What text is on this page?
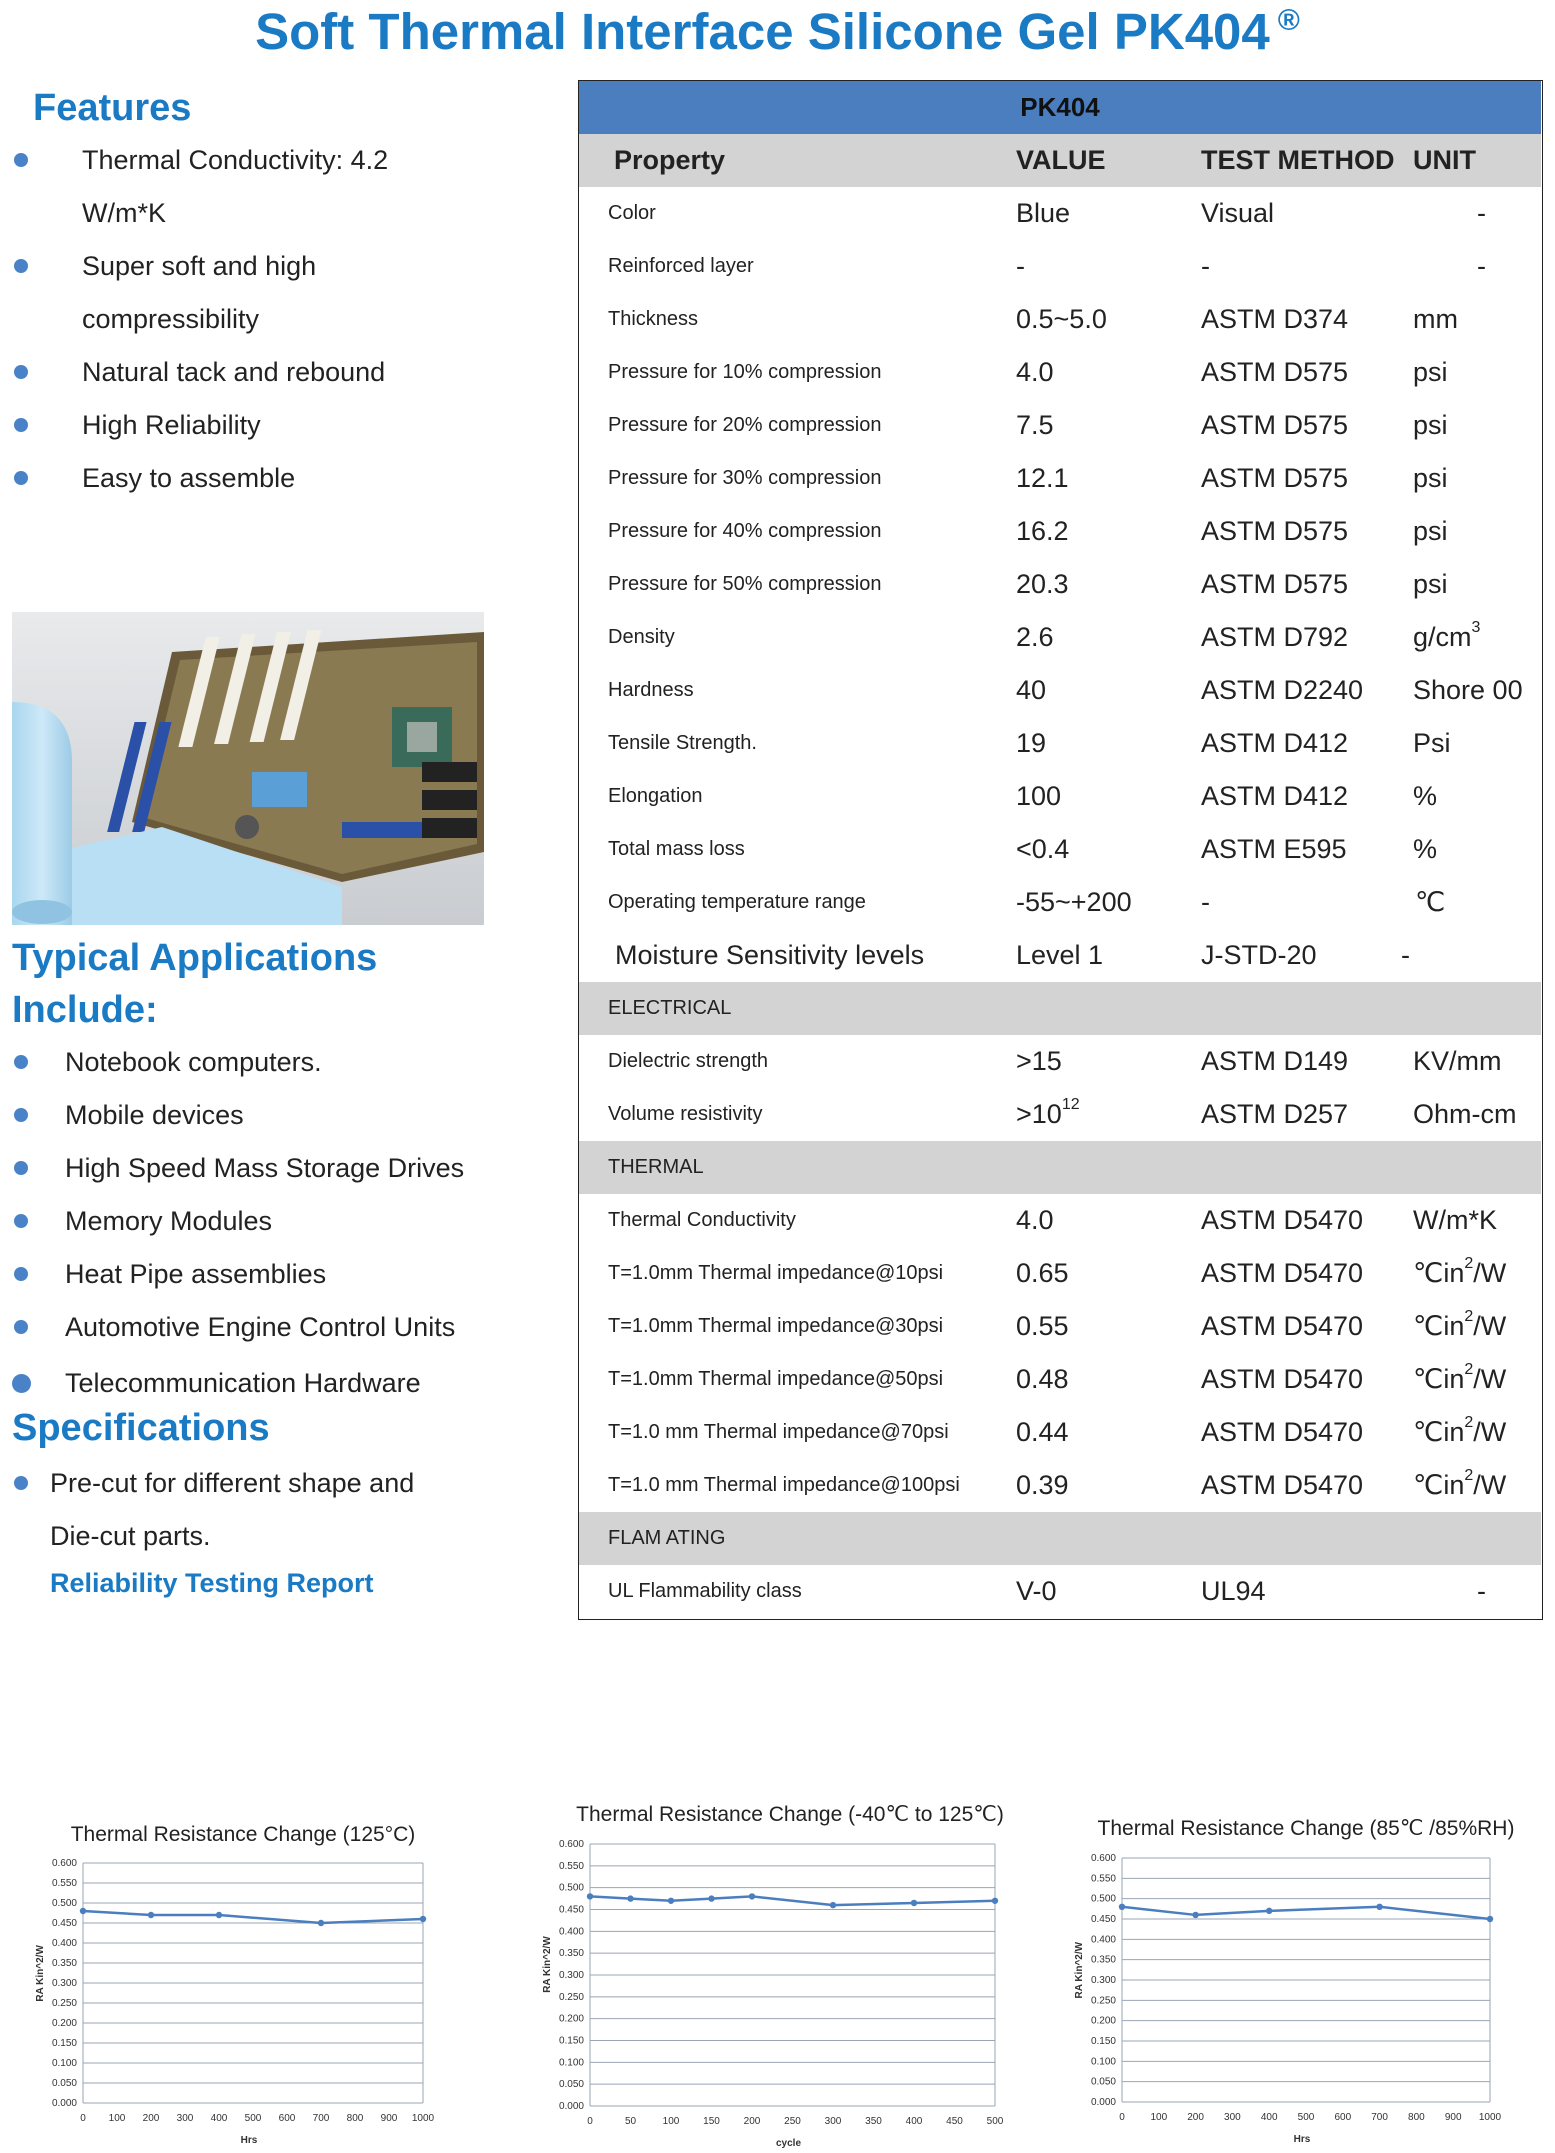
Soft Thermal Interface Silicone Gel PK404 ®
Features
Thermal Conductivity: 4.2
W/m*K
Super soft and high
compressibility
Natural tack and rebound
High Reliability
Easy to assemble
Typical Applications
Include:
Notebook computers.
Mobile devices
High Speed Mass Storage Drives
Memory Modules
Heat Pipe assemblies
Automotive Engine Control Units
Telecommunication Hardware
Specifications
Pre-cut for different shape and
Die-cut parts.
Reliability Testing Report
PK404
Property	VALUE	TEST METHOD UNIT
Color	Blue	Visual	-
Reinforced layer	-	-	-
Thickness	0.5~5.0	ASTM D374 mm
Pressure for 10% compression	4.0	ASTM D575 psi
Pressure for 20% compression	7.5	ASTM D575 psi
Pressure for 30% compression	12.1	ASTM D575 psi
Pressure for 40% compression	16.2	ASTM D575 psi
Pressure for 50% compression	20.3	ASTM D575 psi
Density	2.6	ASTM D792 $g/cm^3$
Hardness	40	ASTM D2240 Shore 00
Tensile Strength.	19	ASTM D412 Psi
Elongation	100	ASTM D412 %
Total mass loss	<0.4	ASTM E595 %
Operating temperature range	-55~+200	-	℃
Moisture Sensitivity levels	Level 1	J-STD-20	-
ELECTRICAL
Dielectric strength	>15	ASTM D149 KV/mm
Volume resistivity	$>10^{12}$	ASTM D257 Ohm-cm
THERMAL
Thermal Conductivity	4.0	ASTM D5470 W/m*K
T=1.0mm Thermal impedance@10psi	0.65	ASTM D5470 $℃in^2/W$
T=1.0mm Thermal impedance@30psi	0.55	ASTM D5470 $℃in^2/W$
T=1.0mm Thermal impedance@50psi	0.48	ASTM D5470 $℃in^2/W$
T=1.0 mm Thermal impedance@70psi 0.44	ASTM D5470 $℃in^2/W$
T=1.0 mm Thermal impedance@100psi 0.39	ASTM D5470 $℃in^2/W$
FLAM ATING
UL Flammability class	V-0	UL94	-
Thermal Resistance Change (125°C)
0.000
0.050
0.100
0.150
0.200
0.250
0.300
0.350
0.400
0.450
0.500
0.550
0.600
0 100 200 300 400 500 600 700 800 900 1000
Hrs
RA Kin^2/W
Thermal Resistance Change (-40℃ to 125℃)
0.000
0.050
0.100
0.150
0.200
0.250
0.300
0.350
0.400
0.450
0.500
0.550
0.600
0	50	100 150 200 250 300 350 400 450 500
cycle
RA Kin^2/W
Thermal Resistance Change (85℃ /85%RH)
0.000
0.050
0.100
0.150
0.200
0.250
0.300
0.350
0.400
0.450
0.500
0.550
0.600
0	100 200 300 400 500 600 700 800 900 1000
Hrs
RA Kin^2/W
